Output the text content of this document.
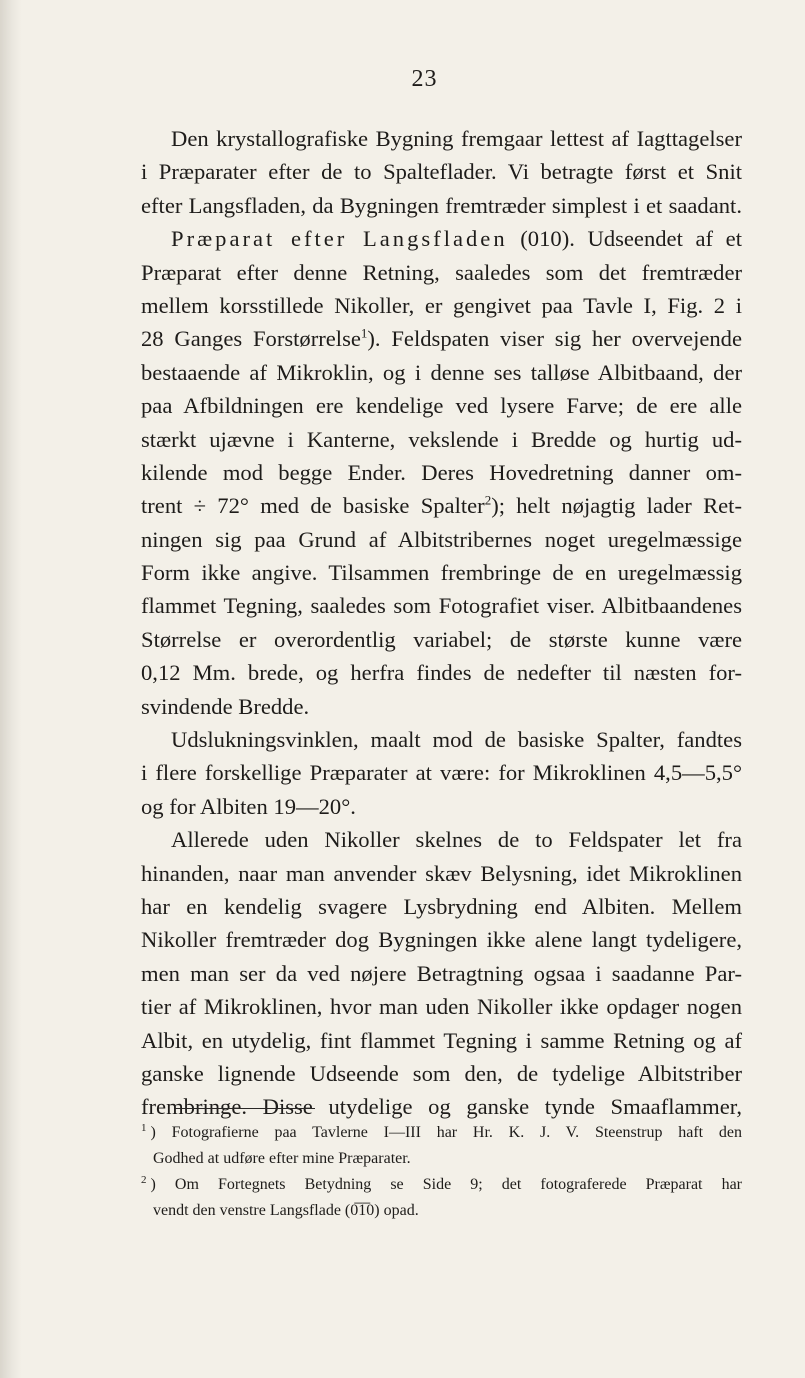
23
Den krystallografiske Bygning fremgaar lettest af Iagttagelser
i Præparater efter de to Spalteflader. Vi betragte først et Snit
efter Langsfladen, da Bygningen fremtræder simplest i et saadant.
Præparat efter Langsfladen (010). Udseendet af et
Præparat efter denne Retning, saaledes som det fremtræder
mellem korsstillede Nikoller, er gengivet paa Tavle I, Fig. 2 i
28 Ganges Forstørrelse$^1$). Feldspaten viser sig her overvejende
bestaaende af Mikroklin, og i denne ses talløse Albitbaand, der
paa Afbildningen ere kendelige ved lysere Farve; de ere alle
stærkt ujævne i Kanterne, vekslende i Bredde og hurtig ud-
kilende mod begge Ender. Deres Hovedretning danner om-
trent ÷ 72° med de basiske Spalter$^2$); helt nøjagtig lader Ret-
ningen sig paa Grund af Albitstribernes noget uregelmæssige
Form ikke angive. Tilsammen frembringe de en uregelmæssig
flammet Tegning, saaledes som Fotografiet viser. Albitbaandenes
Størrelse er overordentlig variabel; de største kunne være
0,12 Mm. brede, og herfra findes de nedefter til næsten for-
svindende Bredde.
Udslukningsvinklen, maalt mod de basiske Spalter, fandtes
i flere forskellige Præparater at være: for Mikroklinen 4,5—5,5°
og for Albiten 19—20°.
Allerede uden Nikoller skelnes de to Feldspater let fra
hinanden, naar man anvender skæv Belysning, idet Mikroklinen
har en kendelig svagere Lysbrydning end Albiten. Mellem
Nikoller fremtræder dog Bygningen ikke alene langt tydeligere,
men man ser da ved nøjere Betragtning ogsaa i saadanne Par-
tier af Mikroklinen, hvor man uden Nikoller ikke opdager nogen
Albit, en utydelig, fint flammet Tegning i samme Retning og af
ganske lignende Udseende som den, de tydelige Albitstriber
frembringe. Disse utydelige og ganske tynde Smaaflammer,
$^1$ ) Fotografierne paa Tavlerne I—III har Hr. K. J. V. Steenstrup haft den
Godhed at udføre efter mine Præparater.
$^2$ ) Om Fortegnets Betydning se Side 9; det fotograferede Præparat har
vendt den venstre Langsflade (0̅1̅0) opad.
